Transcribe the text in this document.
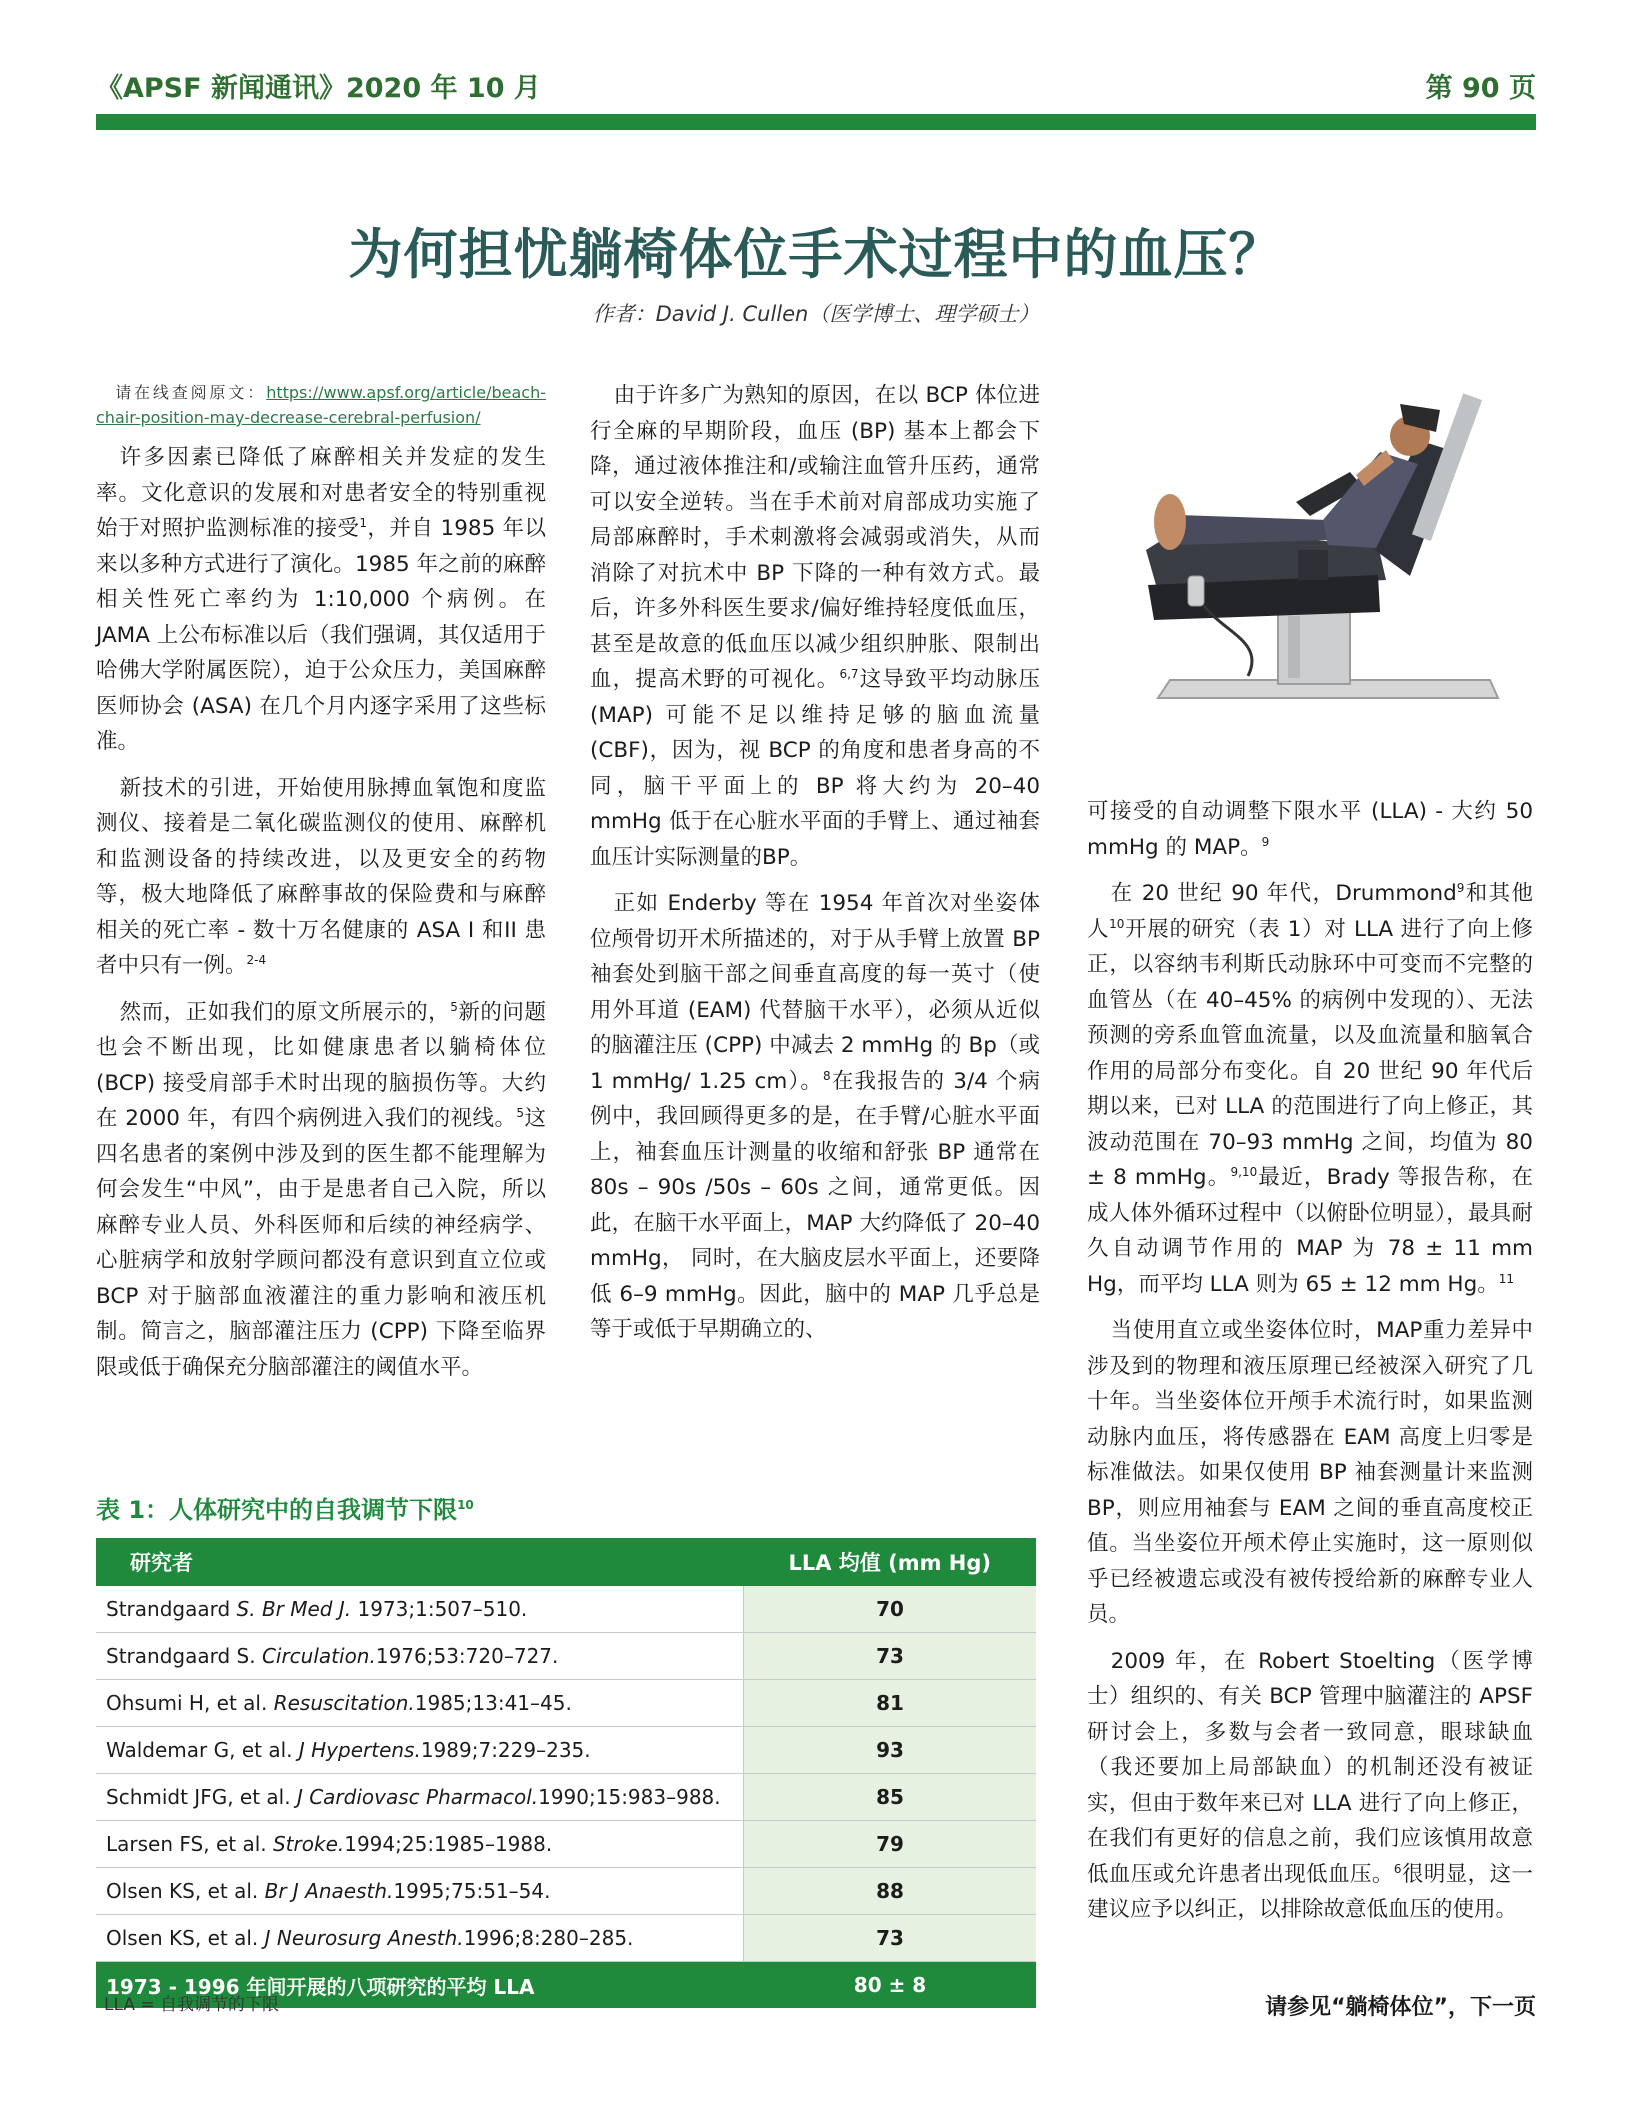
《APSF 新闻通讯》2020 年 10 月	第 90 页
为何担忧躺椅体位手术过程中的血压？
作者：David J. Cullen（医学博士、理学硕士）
请在线查阅原文：https://www.apsf.org/article/beach-chair-position-may-decrease-cerebral-perfusion/

许多因素已降低了麻醉相关并发症的发生率。文化意识的发展和对患者安全的特别重视始于对照护监测标准的接受$^1$，并自 1985 年以来以多种方式进行了演化。1985 年之前的麻醉相关性死亡率约为 1:10,000 个病例。在 JAMA 上公布标准以后（我们强调，其仅适用于哈佛大学附属医院），迫于公众压力，美国麻醉医师协会 (ASA) 在几个月内逐字采用了这些标准。

新技术的引进，开始使用脉搏血氧饱和度监测仪、接着是二氧化碳监测仪的使用、麻醉机和监测设备的持续改进，以及更安全的药物等，极大地降低了麻醉事故的保险费和与麻醉相关的死亡率 - 数十万名健康的 ASA I 和II 患者中只有一例。$^{2-4}$

然而，正如我们的原文所展示的，$^5$新的问题也会不断出现，比如健康患者以躺椅体位 (BCP) 接受肩部手术时出现的脑损伤等。大约在 2000 年，有四个病例进入我们的视线。$^5$这四名患者的案例中涉及到的医生都不能理解为何会发生“中风”，由于是患者自己入院，所以麻醉专业人员、外科医师和后续的神经病学、心脏病学和放射学顾问都没有意识到直立位或 BCP 对于脑部血液灌注的重力影响和液压机制。简言之，脑部灌注压力 (CPP) 下降至临界限或低于确保充分脑部灌注的阈值水平。

由于许多广为熟知的原因，在以 BCP 体位进行全麻的早期阶段，血压 (BP) 基本上都会下降，通过液体推注和/或输注血管升压药，通常可以安全逆转。当在手术前对肩部成功实施了局部麻醉时，手术刺激将会减弱或消失，从而消除了对抗术中 BP 下降的一种有效方式。最后，许多外科医生要求/偏好维持轻度低血压，甚至是故意的低血压以减少组织肿胀、限制出血，提高术野的可视化。$^{6,7}$这导致平均动脉压 (MAP) 可能不足以维持足够的脑血流量 (CBF)，因为，视 BCP 的角度和患者身高的不同，脑干平面上的 BP 将大约为 20–40 mmHg 低于在心脏水平面的手臂上、通过袖套血压计实际测量的BP。

正如 Enderby 等在 1954 年首次对坐姿体位颅骨切开术所描述的，对于从手臂上放置 BP 袖套处到脑干部之间垂直高度的每一英寸（使用外耳道 (EAM) 代替脑干水平），必须从近似的脑灌注压 (CPP) 中减去 2 mmHg 的 Bp（或 1 mmHg/ 1.25 cm）。$^8$在我报告的 3/4 个病例中，我回顾得更多的是，在手臂/心脏水平面上，袖套血压计测量的收缩和舒张 BP 通常在 80s – 90s /50s – 60s 之间，通常更低。因此，在脑干水平面上，MAP 大约降低了 20–40 mmHg， 同时，在大脑皮层水平面上，还要降低 6–9 mmHg。因此，脑中的 MAP 几乎总是等于或低于早期确立的、

可接受的自动调整下限水平 (LLA) - 大约 50 mmHg 的 MAP。$^9$

在 20 世纪 90 年代，Drummond$^9$和其他人$^{10}$开展的研究（表 1）对 LLA 进行了向上修正，以容纳韦利斯氏动脉环中可变而不完整的血管丛（在 40–45% 的病例中发现的）、无法预测的旁系血管血流量，以及血流量和脑氧合作用的局部分布变化。自 20 世纪 90 年代后期以来，已对 LLA 的范围进行了向上修正，其波动范围在 70–93 mmHg 之间，均值为 80 ± 8 mmHg。$^{9,10}$最近，Brady 等报告称，在成人体外循环过程中（以俯卧位明显），最具耐久自动调节作用的 MAP 为 78 ± 11 mm Hg，而平均 LLA 则为 65 ± 12 mm Hg。$^{11}$

当使用直立或坐姿体位时，MAP重力差异中涉及到的物理和液压原理已经被深入研究了几十年。当坐姿体位开颅手术流行时，如果监测动脉内血压，将传感器在 EAM 高度上归零是标准做法。如果仅使用 BP 袖套测量计来监测 BP，则应用袖套与 EAM 之间的垂直高度校正值。当坐姿位开颅术停止实施时，这一原则似乎已经被遗忘或没有被传授给新的麻醉专业人员。

2009 年，在 Robert Stoelting（医学博士）组织的、有关 BCP 管理中脑灌注的 APSF 研讨会上，多数与会者一致同意，眼球缺血（我还要加上局部缺血）的机制还没有被证实，但由于数年来已对 LLA 进行了向上修正，在我们有更好的信息之前，我们应该慎用故意低血压或允许患者出现低血压。$^6$很明显，这一建议应予以纠正，以排除故意低血压的使用。

表 1：人体研究中的自我调节下限$^{10}$
研究者	LLA 均值 (mm Hg)
Strandgaard S. Br Med J. 1973;1:507–510.	70
Strandgaard S. Circulation.1976;53:720–727.	73
Ohsumi H, et al. Resuscitation.1985;13:41–45.	81
Waldemar G, et al. J Hypertens.1989;7:229–235.	93
Schmidt JFG, et al. J Cardiovasc Pharmacol.1990;15:983–988.	85
Larsen FS, et al. Stroke.1994;25:1985–1988.	79
Olsen KS, et al. Br J Anaesth.1995;75:51–54.	88
Olsen KS, et al. J Neurosurg Anesth.1996;8:280–285.	73
1973 - 1996 年间开展的八项研究的平均 LLA	80 ± 8
LLA = 自我调节的下限	请参见“躺椅体位”，下一页
